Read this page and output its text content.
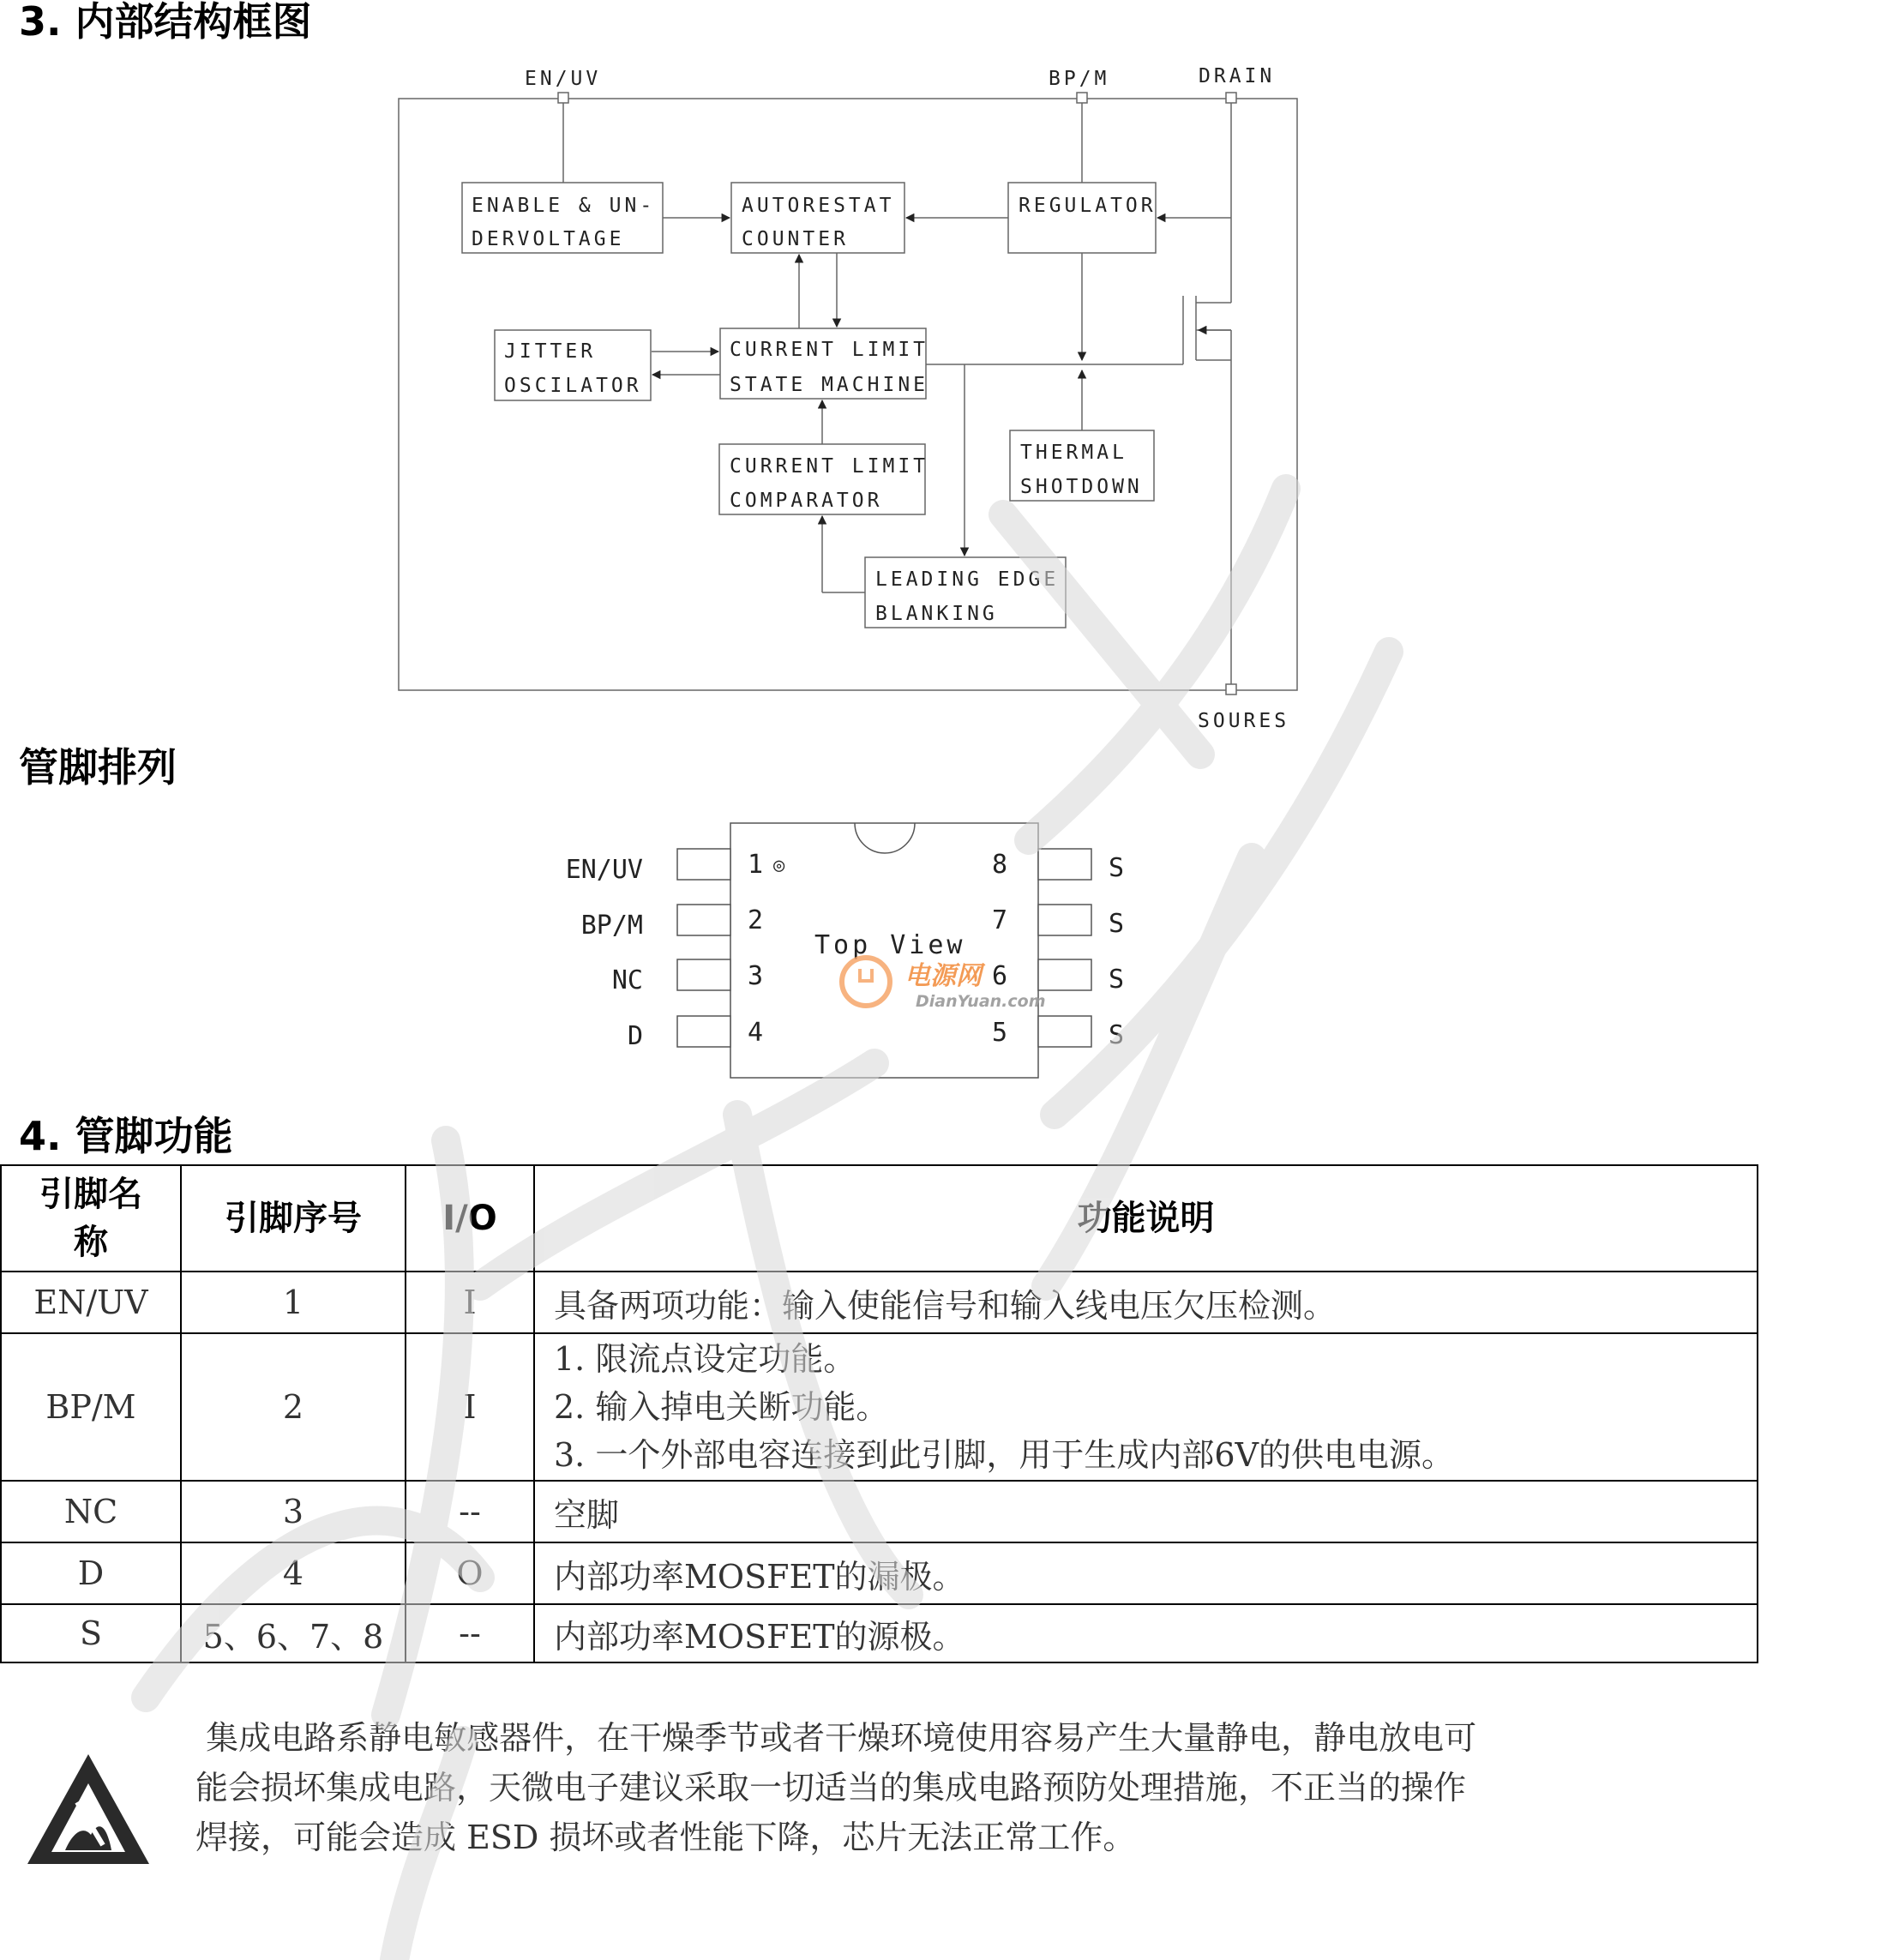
3. 内部结构框图
EN/UV	BP/M	DRAIN
SOURES
ENABLE & UN-
DERVOLTAGE
AUTORESTAT
COUNTER
REGULATOR
JITTER
OSCILATOR
CURRENT LIMIT
STATE MACHINE
CURRENT LIMIT
COMPARATOR
THERMAL
SHOTDOWN
LEADING EDGE
BLANKING
管脚排列
EN/UV
BP/M
NC
D
1 ◎
2
3
4
8
7
6
5
S
S
S
S
Top View
电源网
DianYuan.com
4. 管脚功能
引脚名称	引脚序号	I/O	功能说明
EN/UV	1	I	具备两项功能：输入使能信号和输入线电压欠压检测。
BP/M	2	I	1. 限流点设定功能。
2. 输入掉电关断功能。
3. 一个外部电容连接到此引脚，用于生成内部6V的供电电源。

NC	3	--	空脚
D	4	O	内部功率MOSFET的漏极。
S	5、6、7、8	--	内部功率MOSFET的源极。
集成电路系静电敏感器件，在干燥季节或者干燥环境使用容易产生大量静电，静电放电可
能会损坏集成电路，天微电子建议采取一切适当的集成电路预防处理措施，不正当的操作
焊接，可能会造成 ESD 损坏或者性能下降，芯片无法正常工作。
